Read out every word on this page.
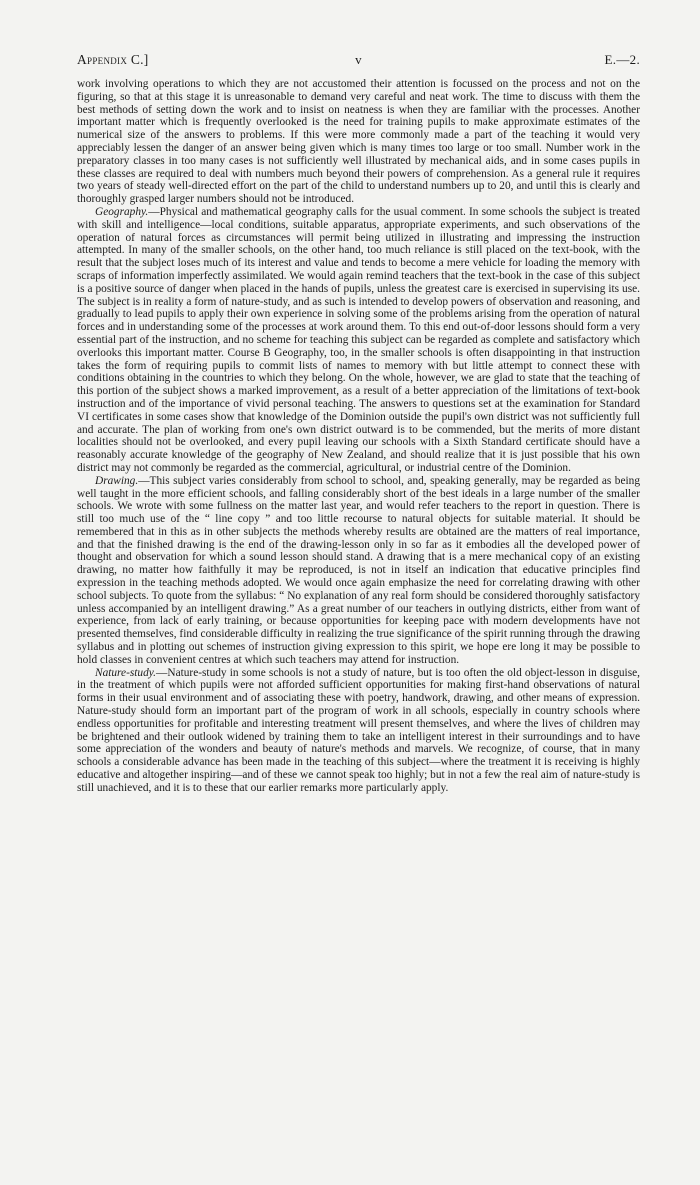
Appendix C.]	v	E.—2.

work involving operations to which they are not accustomed their attention is focussed on the process and not on the figuring, so that at this stage it is unreasonable to demand very careful and neat work. The time to discuss with them the best methods of setting down the work and to insist on neatness is when they are familiar with the processes. Another important matter which is frequently overlooked is the need for training pupils to make approximate estimates of the numerical size of the answers to problems. If this were more commonly made a part of the teaching it would very appreciably lessen the danger of an answer being given which is many times too large or too small. Number work in the preparatory classes in too many cases is not sufficiently well illustrated by mechanical aids, and in some cases pupils in these classes are required to deal with numbers much beyond their powers of comprehension. As a general rule it requires two years of steady well-directed effort on the part of the child to understand numbers up to 20, and until this is clearly and thoroughly grasped larger numbers should not be introduced.

Geography.—Physical and mathematical geography calls for the usual comment. In some schools the subject is treated with skill and intelligence—local conditions, suitable apparatus, appropriate experiments, and such observations of the operation of natural forces as circumstances will permit being utilized in illustrating and impressing the instruction attempted. In many of the smaller schools, on the other hand, too much reliance is still placed on the text-book, with the result that the subject loses much of its interest and value and tends to become a mere vehicle for loading the memory with scraps of information imperfectly assimilated. We would again remind teachers that the text-book in the case of this subject is a positive source of danger when placed in the hands of pupils, unless the greatest care is exercised in supervising its use. The subject is in reality a form of nature-study, and as such is intended to develop powers of observation and reasoning, and gradually to lead pupils to apply their own experience in solving some of the problems arising from the operation of natural forces and in understanding some of the processes at work around them. To this end out-of-door lessons should form a very essential part of the instruction, and no scheme for teaching this subject can be regarded as complete and satisfactory which overlooks this important matter. Course B Geography, too, in the smaller schools is often disappointing in that instruction takes the form of requiring pupils to commit lists of names to memory with but little attempt to connect these with conditions obtaining in the countries to which they belong. On the whole, however, we are glad to state that the teaching of this portion of the subject shows a marked improvement, as a result of a better appreciation of the limitations of text-book instruction and of the importance of vivid personal teaching. The answers to questions set at the examination for Standard VI certificates in some cases show that knowledge of the Dominion outside the pupil's own district was not sufficiently full and accurate. The plan of working from one's own district outward is to be commended, but the merits of more distant localities should not be overlooked, and every pupil leaving our schools with a Sixth Standard certificate should have a reasonably accurate knowledge of the geography of New Zealand, and should realize that it is just possible that his own district may not commonly be regarded as the commercial, agricultural, or industrial centre of the Dominion.

Drawing.—This subject varies considerably from school to school, and, speaking generally, may be regarded as being well taught in the more efficient schools, and falling considerably short of the best ideals in a large number of the smaller schools. We wrote with some fullness on the matter last year, and would refer teachers to the report in question. There is still too much use of the “ line copy ” and too little recourse to natural objects for suitable material. It should be remembered that in this as in other subjects the methods whereby results are obtained are the matters of real importance, and that the finished drawing is the end of the drawing-lesson only in so far as it embodies all the developed power of thought and observation for which a sound lesson should stand. A drawing that is a mere mechanical copy of an existing drawing, no matter how faithfully it may be reproduced, is not in itself an indication that educative principles find expression in the teaching methods adopted. We would once again emphasize the need for correlating drawing with other school subjects. To quote from the syllabus: “ No explanation of any real form should be considered thoroughly satisfactory unless accompanied by an intelligent drawing.” As a great number of our teachers in outlying districts, either from want of experience, from lack of early training, or because opportunities for keeping pace with modern developments have not presented themselves, find considerable difficulty in realizing the true significance of the spirit running through the drawing syllabus and in plotting out schemes of instruction giving expression to this spirit, we hope ere long it may be possible to hold classes in convenient centres at which such teachers may attend for instruction.

Nature-study.—Nature-study in some schools is not a study of nature, but is too often the old object-lesson in disguise, in the treatment of which pupils were not afforded sufficient opportunities for making first-hand observations of natural forms in their usual environment and of associating these with poetry, handwork, drawing, and other means of expression. Nature-study should form an important part of the program of work in all schools, especially in country schools where endless opportunities for profitable and interesting treatment will present themselves, and where the lives of children may be brightened and their outlook widened by training them to take an intelligent interest in their surroundings and to have some appreciation of the wonders and beauty of nature's methods and marvels. We recognize, of course, that in many schools a considerable advance has been made in the teaching of this subject—where the treatment it is receiving is highly educative and altogether inspiring—and of these we cannot speak too highly; but in not a few the real aim of nature-study is still unachieved, and it is to these that our earlier remarks more particularly apply.
